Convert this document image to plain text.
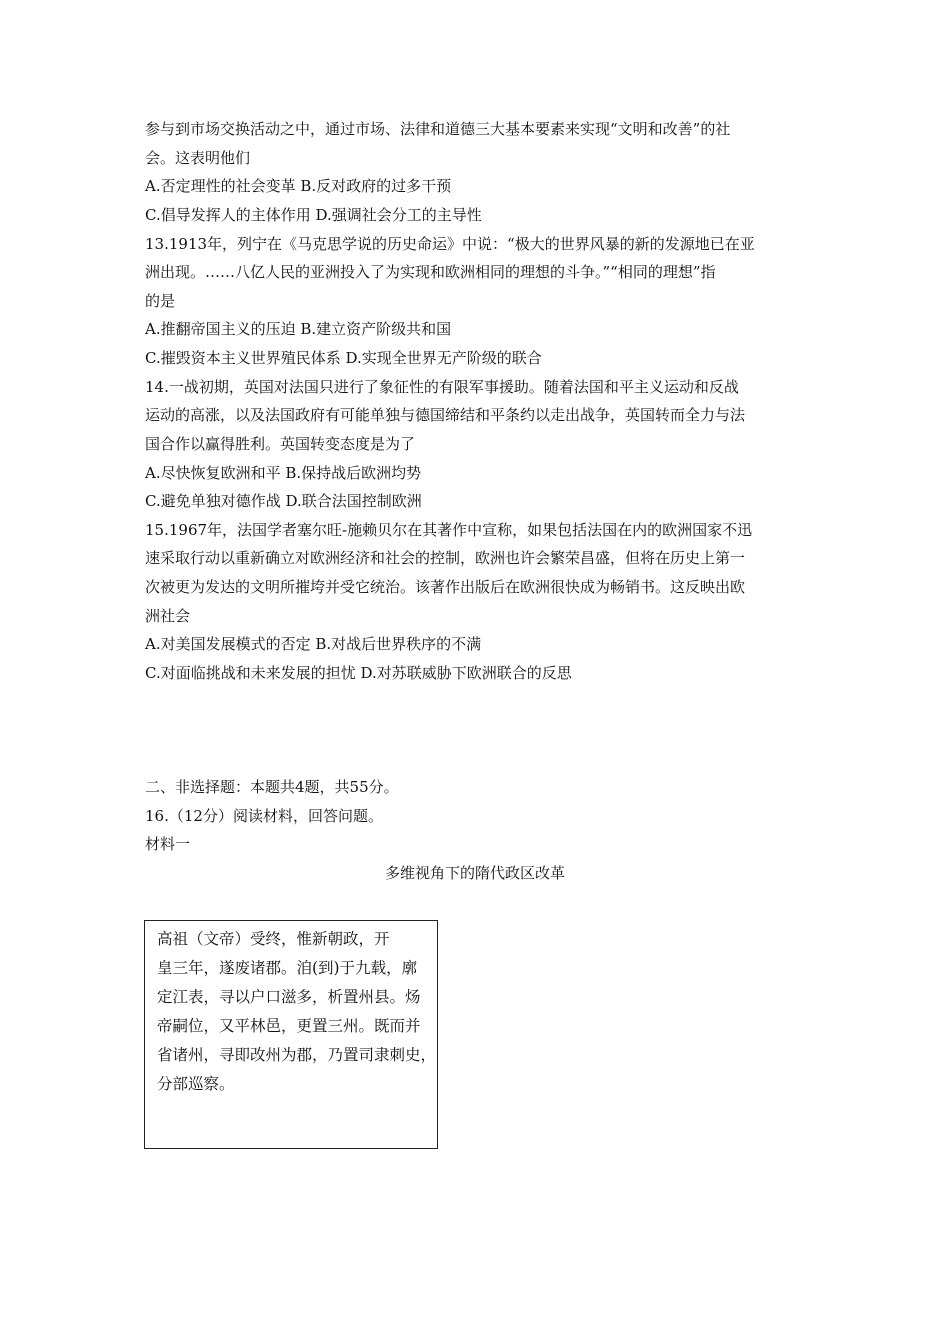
参与到市场交换活动之中，通过市场、法律和道德三大基本要素来实现“文明和改善”的社
会。这表明他们
A.否定理性的社会变革 B.反对政府的过多干预
C.倡导发挥人的主体作用 D.强调社会分工的主导性
13.1913年，列宁在《马克思学说的历史命运》中说：“极大的世界风暴的新的发源地已在亚
洲出现。……八亿人民的亚洲投入了为实现和欧洲相同的理想的斗争。”“相同的理想”指
的是
A.推翻帝国主义的压迫 B.建立资产阶级共和国
C.摧毁资本主义世界殖民体系 D.实现全世界无产阶级的联合
14.一战初期，英国对法国只进行了象征性的有限军事援助。随着法国和平主义运动和反战
运动的高涨，以及法国政府有可能单独与德国缔结和平条约以走出战争，英国转而全力与法
国合作以赢得胜利。英国转变态度是为了
A.尽快恢复欧洲和平 B.保持战后欧洲均势
C.避免单独对德作战 D.联合法国控制欧洲
15.1967年，法国学者塞尔旺-施赖贝尔在其著作中宣称，如果包括法国在内的欧洲国家不迅
速采取行动以重新确立对欧洲经济和社会的控制，欧洲也许会繁荣昌盛，但将在历史上第一
次被更为发达的文明所摧垮并受它统治。该著作出版后在欧洲很快成为畅销书。这反映出欧
洲社会
A.对美国发展模式的否定 B.对战后世界秩序的不满
C.对面临挑战和未来发展的担忧 D.对苏联威胁下欧洲联合的反思
二、非选择题：本题共4题，共55分。
16.（12分）阅读材料，回答问题。
材料一
多维视角下的隋代政区改革
高祖（文帝）受终，惟新朝政，开
皇三年，遂废诸郡。洎(到)于九载，廓
定江表，寻以户口滋多，析置州县。炀
帝嗣位，又平林邑，更置三州。既而并
省诸州，寻即改州为郡，乃置司隶刺史，
分部巡察。
